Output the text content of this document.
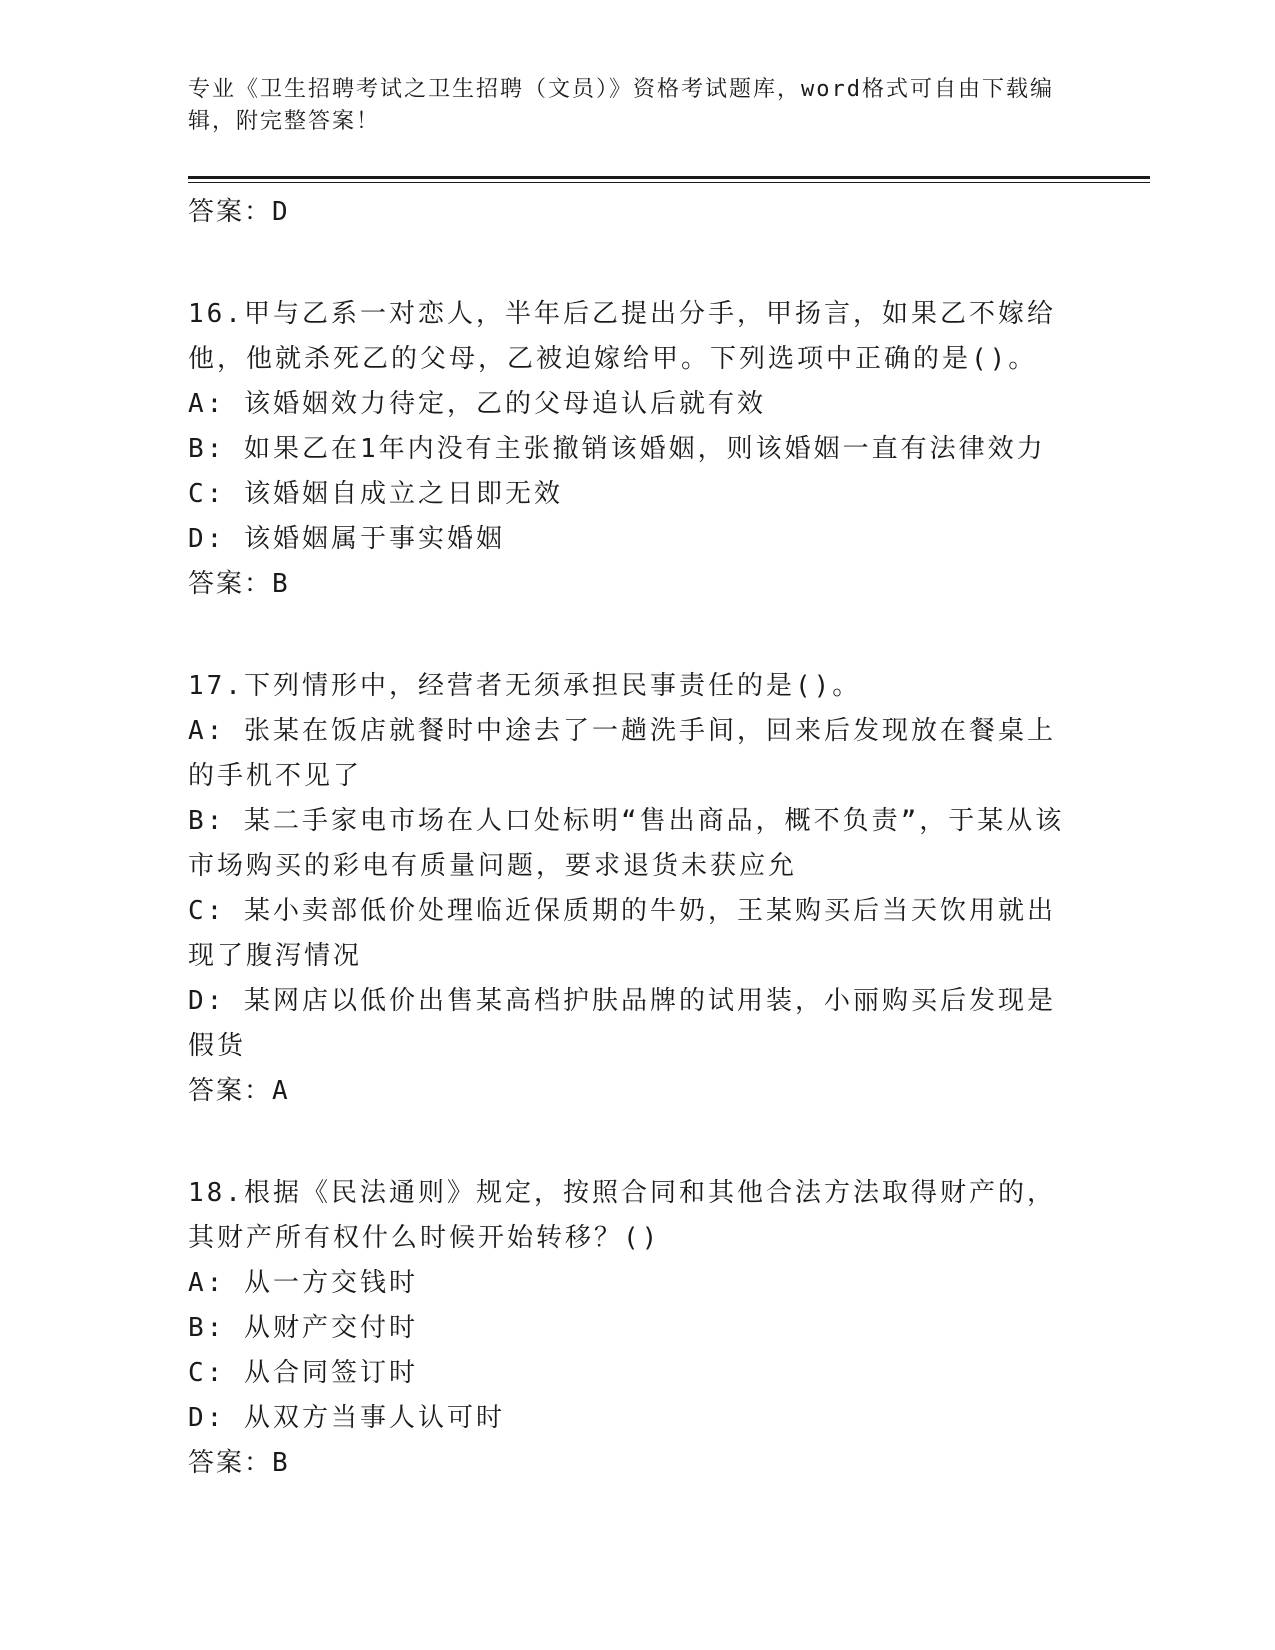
专业《卫生招聘考试之卫生招聘（文员）》资格考试题库，word格式可自由下载编辑，附完整答案！

答案：D

16.甲与乙系一对恋人，半年后乙提出分手，甲扬言，如果乙不嫁给他，他就杀死乙的父母，乙被迫嫁给甲。下列选项中正确的是()。

A: 该婚姻效力待定，乙的父母追认后就有效

B: 如果乙在1年内没有主张撤销该婚姻，则该婚姻一直有法律效力

C: 该婚姻自成立之日即无效

D: 该婚姻属于事实婚姻

答案：B

17.下列情形中，经营者无须承担民事责任的是()。

A: 张某在饭店就餐时中途去了一趟洗手间，回来后发现放在餐桌上的手机不见了

B: 某二手家电市场在人口处标明“售出商品，概不负责”，于某从该市场购买的彩电有质量问题，要求退货未获应允

C: 某小卖部低价处理临近保质期的牛奶，王某购买后当天饮用就出现了腹泻情况

D: 某网店以低价出售某高档护肤品牌的试用装，小丽购买后发现是假货

答案：A

18.根据《民法通则》规定，按照合同和其他合法方法取得财产的，其财产所有权什么时候开始转移？()

A: 从一方交钱时

B: 从财产交付时

C: 从合同签订时

D: 从双方当事人认可时

答案：B
